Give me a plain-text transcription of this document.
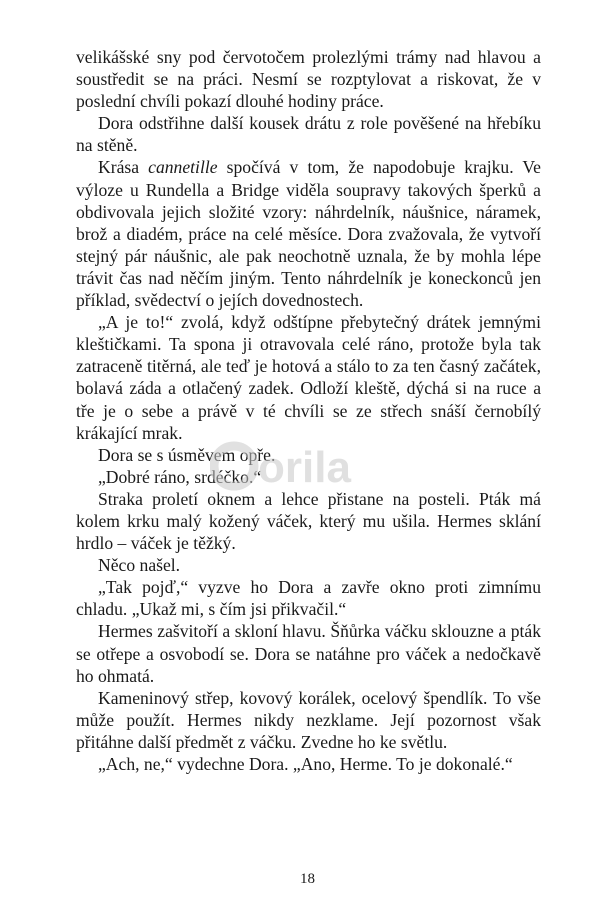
velikášské sny pod červotočem prolezlými trámy nad hlavou a soustředit se na práci. Nesmí se rozptylovat a riskovat, že v poslední chvíli pokazí dlouhé hodiny práce.

Dora odstřihne další kousek drátu z role pověšené na hřebíku na stěně.

Krása cannetille spočívá v tom, že napodobuje krajku. Ve výloze u Rundella a Bridge viděla soupravy takových šperků a obdivovala jejich složité vzory: náhrdelník, náušnice, náramek, brož a diadém, práce na celé měsíce. Dora zvažovala, že vytvoří stejný pár náušnic, ale pak neochotně uznala, že by mohla lépe trávit čas nad něčím jiným. Tento náhrdelník je koneckonců jen příklad, svědectví o jejích dovednostech.

„A je to!“ zvolá, když odštípne přebytečný drátek jemnými kleštičkami. Ta spona ji otravovala celé ráno, protože byla tak zatraceně titěrná, ale teď je hotová a stálo to za ten časný začátek, bolavá záda a otlačený zadek. Odloží kleště, dýchá si na ruce a tře je o sebe a právě v té chvíli se ze střech snáší černobílý krákající mrak.

Dora se s úsměvem opře.

„Dobré ráno, srdéčko.“

Straka proletí oknem a lehce přistane na posteli. Pták má kolem krku malý kožený váček, který mu ušila. Hermes sklání hrdlo – váček je těžký.

Něco našel.

„Tak pojď,“ vyzve ho Dora a zavře okno proti zimnímu chladu. „Ukaž mi, s čím jsi přikvačil.“

Hermes zašvitoří a skloní hlavu. Šňůrka váčku sklouzne a pták se otřepe a osvobodí se. Dora se natáhne pro váček a nedočkavě ho ohmatá.

Kameninový střep, kovový korálek, ocelový špendlík. To vše může použít. Hermes nikdy nezklame. Její pozornost však přitáhne další předmět z váčku. Zvedne ho ke světlu.

„Ach, ne,“ vydechne Dora. „Ano, Herme. To je dokonalé.“

orila
18
